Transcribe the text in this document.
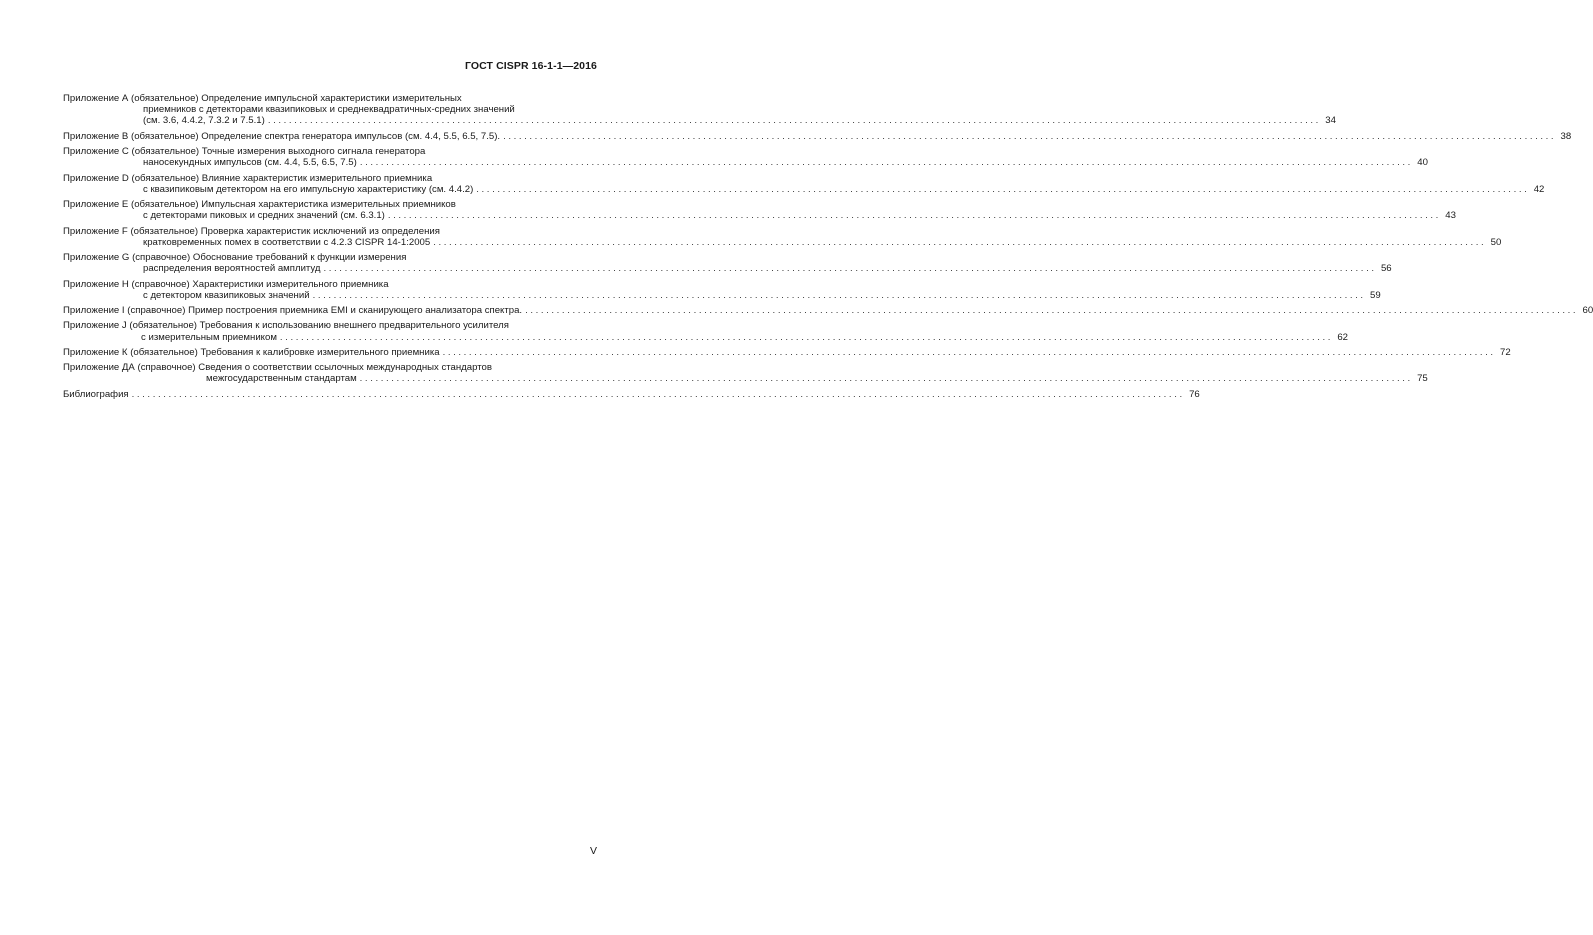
ГОСТ CISPR 16-1-1—2016
Приложение А (обязательное) Определение импульсной характеристики измерительных
приемников с детекторами квазипиковых и среднеквадратичных-средних значений
(см. 3.6, 4.4.2, 7.3.2 и 7.5.1) ........................................................................................................................................................................................................ 34
Приложение В (обязательное) Определение спектра генератора импульсов (см. 4.4, 5.5, 6.5, 7.5). ........................................................................................................................................................................................................ 38
Приложение С (обязательное) Точные измерения выходного сигнала генератора
наносекундных импульсов (см. 4.4, 5.5, 6.5, 7.5) ........................................................................................................................................................................................................ 40
Приложение D (обязательное) Влияние характеристик измерительного приемника
с квазипиковым детектором на его импульсную характеристику (см. 4.4.2) ........................................................................................................................................................................................................ 42
Приложение Е (обязательное) Импульсная характеристика измерительных приемников
с детекторами пиковых и средних значений (см. 6.3.1) ........................................................................................................................................................................................................ 43
Приложение F (обязательное) Проверка характеристик исключений из определения
кратковременных помех в соответствии с 4.2.3 CISPR 14-1:2005 ........................................................................................................................................................................................................ 50
Приложение G (справочное) Обоснование требований к функции измерения
распределения вероятностей амплитуд ........................................................................................................................................................................................................ 56
Приложение Н (справочное) Характеристики измерительного приемника
с детектором квазипиковых значений ........................................................................................................................................................................................................ 59
Приложение I (справочное) Пример построения приемника EMI и сканирующего анализатора спектра. ........................................................................................................................................................................................................ 60
Приложение J (обязательное) Требования к использованию внешнего предварительного усилителя
с измерительным приемником ........................................................................................................................................................................................................ 62
Приложение К (обязательное) Требования к калибровке измерительного приемника ........................................................................................................................................................................................................ 72
Приложение ДА (справочное) Сведения о соответствии ссылочных международных стандартов
межгосударственным стандартам ........................................................................................................................................................................................................ 75
Библиография ........................................................................................................................................................................................................ 76
V
